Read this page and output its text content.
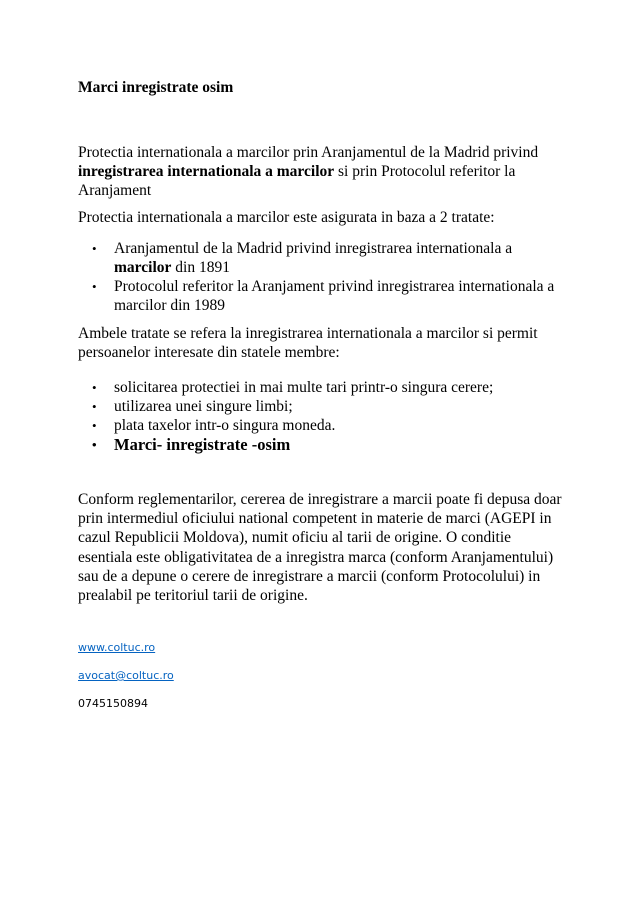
Marci inregistrate osim

Protectia internationala a marcilor prin Aranjamentul de la Madrid privind inregistrarea internationala a marcilor si prin Protocolul referitor la Aranjament

Protectia internationala a marcilor este asigurata in baza a 2 tratate:

• Aranjamentul de la Madrid privind inregistrarea internationala a marcilor din 1891
• Protocolul referitor la Aranjament privind inregistrarea internationala a marcilor din 1989

Ambele tratate se refera la inregistrarea internationala a marcilor si permit persoanelor interesate din statele membre:

• solicitarea protectiei in mai multe tari printr-o singura cerere;
• utilizarea unei singure limbi;
• plata taxelor intr-o singura moneda.
• Marci- inregistrate -osim

Conform reglementarilor, cererea de inregistrare a marcii poate fi depusa doar prin intermediul oficiului national competent in materie de marci (AGEPI in cazul Republicii Moldova), numit oficiu al tarii de origine. O conditie esentiala este obligativitatea de a inregistra marca (conform Aranjamentului) sau de a depune o cerere de inregistrare a marcii (conform Protocolului) in prealabil pe teritoriul tarii de origine.

www.coltuc.ro
avocat@coltuc.ro
0745150894
